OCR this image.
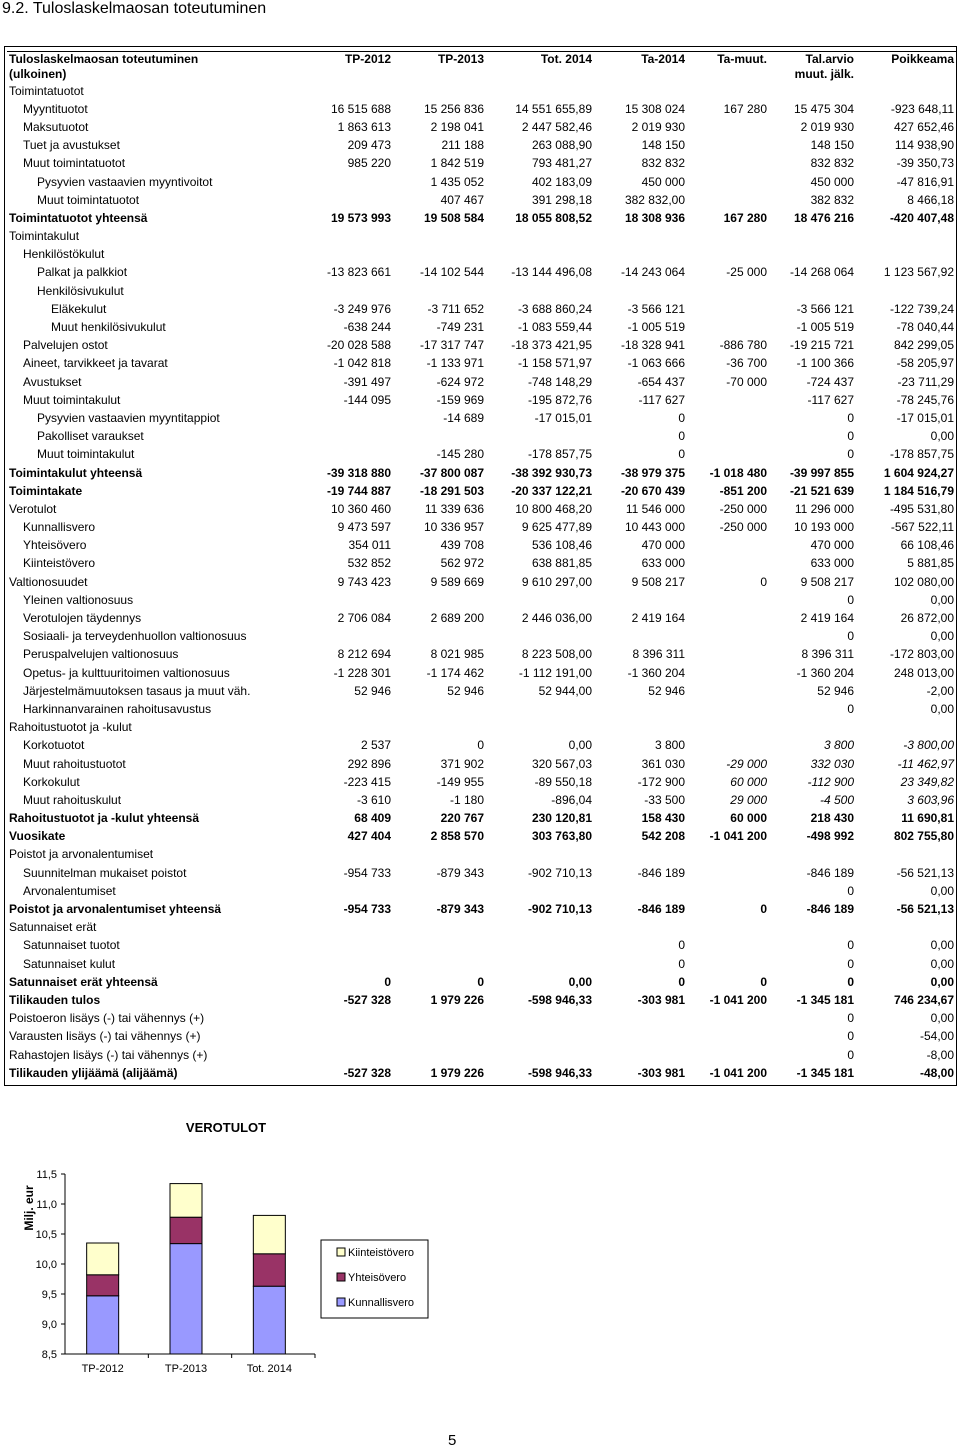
9.2. Tuloslaskelmaosan toteutuminen
Tuloslaskelmaosan toteutuminen	TP-2012	TP-2013	Tot. 2014	Ta-2014	Ta-muut.	Tal.arvio	Poikkeama
(ulkoinen)						muut. jälk.	
Toimintatuotot							
Myyntituotot	16 515 688	15 256 836	14 551 655,89	15 308 024	167 280	15 475 304	-923 648,11
Maksutuotot	1 863 613	2 198 041	2 447 582,46	2 019 930		2 019 930	427 652,46
Tuet ja avustukset	209 473	211 188	263 088,90	148 150		148 150	114 938,90
Muut toimintatuotot	985 220	1 842 519	793 481,27	832 832		832 832	-39 350,73
Pysyvien vastaavien myyntivoitot		1 435 052	402 183,09	450 000		450 000	-47 816,91
Muut toimintatuotot		407 467	391 298,18	382 832,00		382 832	8 466,18
Toimintatuotot yhteensä	19 573 993	19 508 584	18 055 808,52	18 308 936	167 280	18 476 216	-420 407,48
Toimintakulut							
Henkilöstökulut							
Palkat ja palkkiot	-13 823 661	-14 102 544	-13 144 496,08	-14 243 064	-25 000	-14 268 064	1 123 567,92
Henkilösivukulut							
Eläkekulut	-3 249 976	-3 711 652	-3 688 860,24	-3 566 121		-3 566 121	-122 739,24
Muut henkilösivukulut	-638 244	-749 231	-1 083 559,44	-1 005 519		-1 005 519	-78 040,44
Palvelujen ostot	-20 028 588	-17 317 747	-18 373 421,95	-18 328 941	-886 780	-19 215 721	842 299,05
Aineet, tarvikkeet ja tavarat	-1 042 818	-1 133 971	-1 158 571,97	-1 063 666	-36 700	-1 100 366	-58 205,97
Avustukset	-391 497	-624 972	-748 148,29	-654 437	-70 000	-724 437	-23 711,29
Muut toimintakulut	-144 095	-159 969	-195 872,76	-117 627		-117 627	-78 245,76
Pysyvien vastaavien myyntitappiot		-14 689	-17 015,01	0		0	-17 015,01
Pakolliset varaukset				0		0	0,00
Muut toimintakulut		-145 280	-178 857,75	0		0	-178 857,75
Toimintakulut yhteensä	-39 318 880	-37 800 087	-38 392 930,73	-38 979 375	-1 018 480	-39 997 855	1 604 924,27
Toimintakate	-19 744 887	-18 291 503	-20 337 122,21	-20 670 439	-851 200	-21 521 639	1 184 516,79
Verotulot	10 360 460	11 339 636	10 800 468,20	11 546 000	-250 000	11 296 000	-495 531,80
Kunnallisvero	9 473 597	10 336 957	9 625 477,89	10 443 000	-250 000	10 193 000	-567 522,11
Yhteisövero	354 011	439 708	536 108,46	470 000		470 000	66 108,46
Kiinteistövero	532 852	562 972	638 881,85	633 000		633 000	5 881,85
Valtionosuudet	9 743 423	9 589 669	9 610 297,00	9 508 217	0	9 508 217	102 080,00
Yleinen valtionosuus						0	0,00
Verotulojen täydennys	2 706 084	2 689 200	2 446 036,00	2 419 164		2 419 164	26 872,00
Sosiaali- ja terveydenhuollon valtionosuus						0	0,00
Peruspalvelujen valtionosuus	8 212 694	8 021 985	8 223 508,00	8 396 311		8 396 311	-172 803,00
Opetus- ja kulttuuritoimen valtionosuus	-1 228 301	-1 174 462	-1 112 191,00	-1 360 204		-1 360 204	248 013,00
Järjestelmämuutoksen tasaus ja muut väh.	52 946	52 946	52 944,00	52 946		52 946	-2,00
Harkinnanvarainen rahoitusavustus						0	0,00
Rahoitustuotot ja -kulut							
Korkotuotot	2 537	0	0,00	3 800		3 800	-3 800,00
Muut rahoitustuotot	292 896	371 902	320 567,03	361 030	-29 000	332 030	-11 462,97
Korkokulut	-223 415	-149 955	-89 550,18	-172 900	60 000	-112 900	23 349,82
Muut rahoituskulut	-3 610	-1 180	-896,04	-33 500	29 000	-4 500	3 603,96
Rahoitustuotot ja -kulut yhteensä	68 409	220 767	230 120,81	158 430	60 000	218 430	11 690,81
Vuosikate	427 404	2 858 570	303 763,80	542 208	-1 041 200	-498 992	802 755,80
Poistot ja arvonalentumiset							
Suunnitelman mukaiset poistot	-954 733	-879 343	-902 710,13	-846 189		-846 189	-56 521,13
Arvonalentumiset						0	0,00
Poistot ja arvonalentumiset yhteensä	-954 733	-879 343	-902 710,13	-846 189	0	-846 189	-56 521,13
Satunnaiset erät							
Satunnaiset tuotot				0		0	0,00
Satunnaiset kulut				0		0	0,00
Satunnaiset erät yhteensä	0	0	0,00	0	0	0	0,00
Tilikauden tulos	-527 328	1 979 226	-598 946,33	-303 981	-1 041 200	-1 345 181	746 234,67
Poistoeron lisäys (-) tai vähennys (+)						0	0,00
Varausten lisäys (-) tai vähennys (+)						0	-54,00
Rahastojen lisäys (-) tai vähennys (+)						0	-8,00
Tilikauden ylijäämä (alijäämä)	-527 328	1 979 226	-598 946,33	-303 981	-1 041 200	-1 345 181	-48,00
VEROTULOT
Milj. eur
8,5
9,0
9,5
10,0
10,5
11,0
11,5
TP-2012	TP-2013	Tot. 2014
Kiinteistövero
Yhteisövero
Kunnallisvero
5
